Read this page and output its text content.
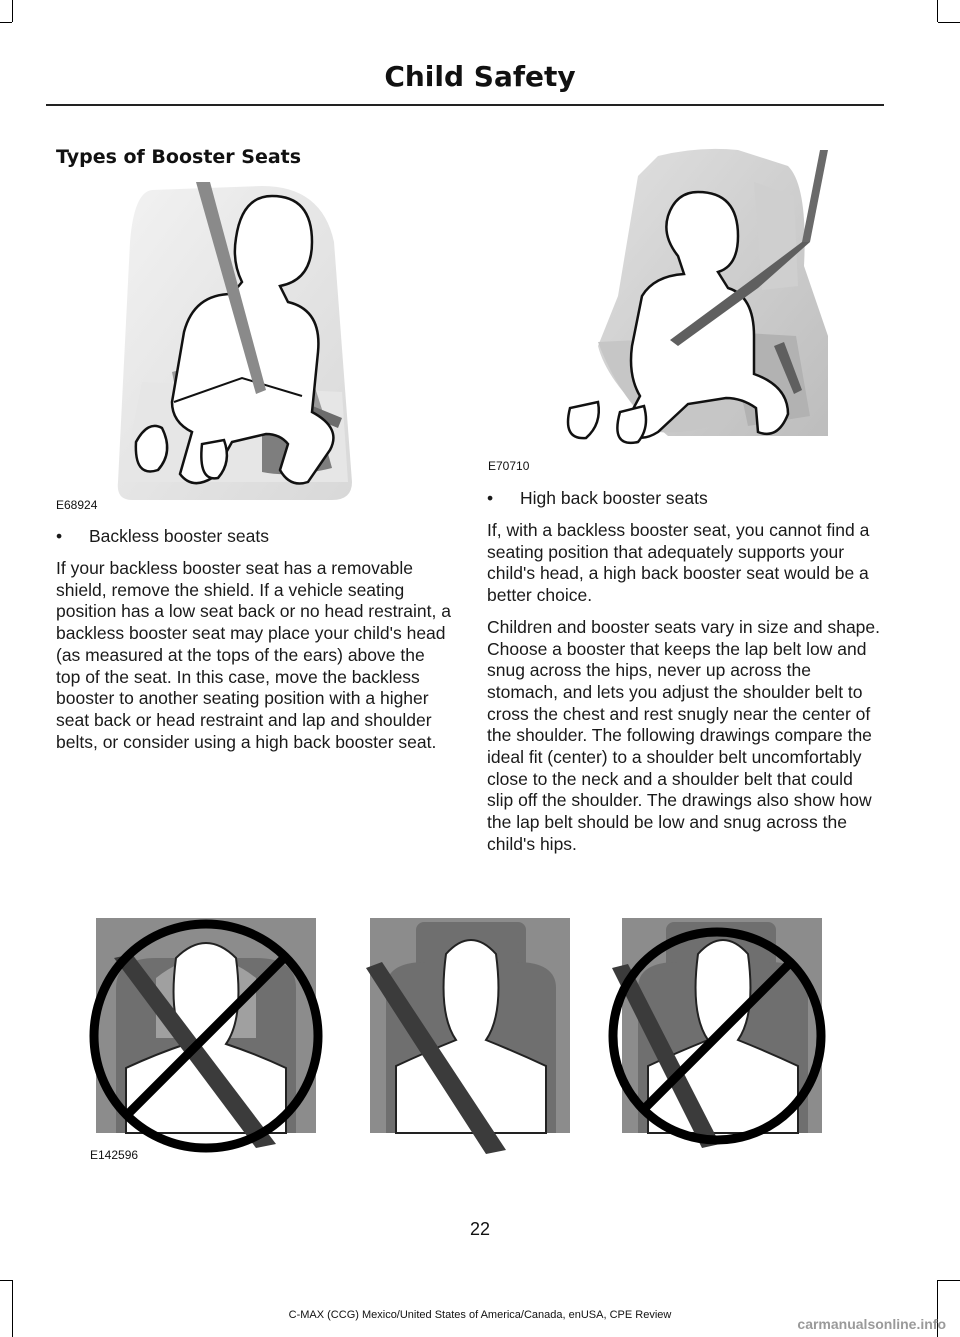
Child Safety
Types of Booster Seats
E68924
E70710
•	Backless booster seats

If your backless booster seat has a removable shield, remove the shield. If a vehicle seating position has a low seat back or no head restraint, a backless booster seat may place your child's head (as measured at the tops of the ears) above the top of the seat. In this case, move the backless booster to another seating position with a higher seat back or head restraint and lap and shoulder belts, or consider using a high back booster seat.

•	High back booster seats

If, with a backless booster seat, you cannot find a seating position that adequately supports your child's head, a high back booster seat would be a better choice.

Children and booster seats vary in size and shape. Choose a booster that keeps the lap belt low and snug across the hips, never up across the stomach, and lets you adjust the shoulder belt to cross the chest and rest snugly near the center of the shoulder. The following drawings compare the ideal fit (center) to a shoulder belt uncomfortably close to the neck and a shoulder belt that could slip off the shoulder. The drawings also show how the lap belt should be low and snug across the child's hips.

E142596
22
C-MAX (CCG) Mexico/United States of America/Canada, enUSA, CPE Review
carmanualsonline.info
